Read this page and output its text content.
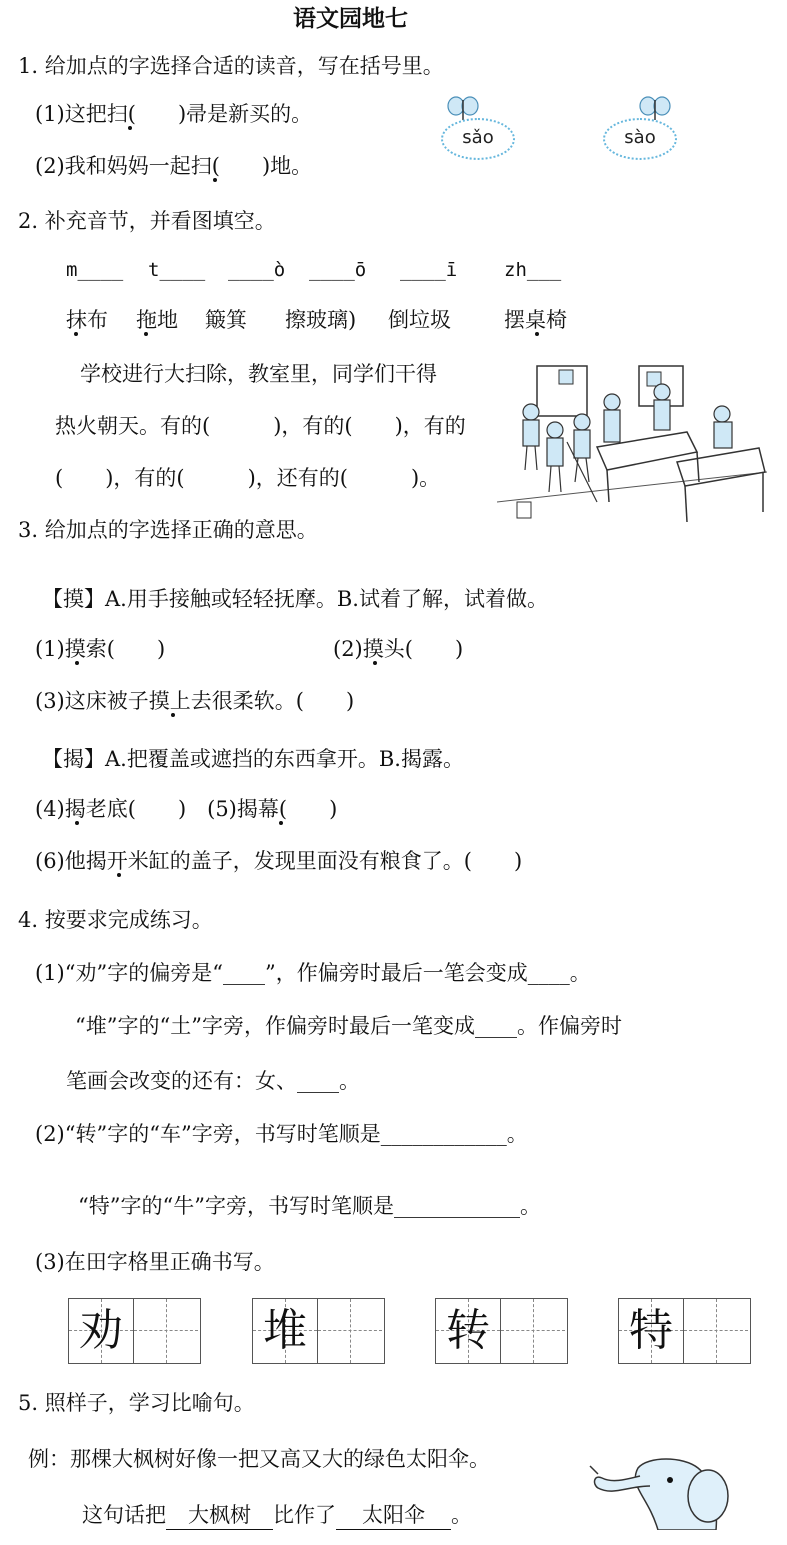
语文园地七
1. 给加点的字选择合适的读音，写在括号里。
(1)这把扫(　　)帚是新买的。
(2)我和妈妈一起扫(　　)地。
sǎo	sào
2. 补充音节，并看图填空。
m____ t____ ____ò ____ō ____ī zh___
抹布 拖地 簸箕 擦玻璃) 倒垃圾	摆桌椅
学校进行大扫除，教室里，同学们干得
热火朝天。有的(　　　)，有的(　　)，有的
(　　)，有的(　　　)，还有的(　　　)。
3. 给加点的字选择正确的意思。
【摸】A.用手接触或轻轻抚摩。B.试着了解，试着做。
(1)摸索(　　)	(2)摸头(　　)
(3)这床被子摸上去很柔软。(　　)
【揭】A.把覆盖或遮挡的东西拿开。B.揭露。
(4)揭老底(　　)　(5)揭幕(　　)
(6)他揭开米缸的盖子，发现里面没有粮食了。(　　)
4. 按要求完成练习。
(1)“劝”字的偏旁是“____”，作偏旁时最后一笔会变成____。
“堆”字的“土”字旁，作偏旁时最后一笔变成____。作偏旁时
笔画会改变的还有：女、____。
(2)“转”字的“车”字旁，书写时笔顺是____________。
“特”字的“牛”字旁，书写时笔顺是____________。
(3)在田字格里正确书写。
劝	堆	转	特
5. 照样子，学习比喻句。
例：那棵大枫树好像一把又高又大的绿色太阳伞。
这句话把 大枫树 比作了 太阳伞 。
